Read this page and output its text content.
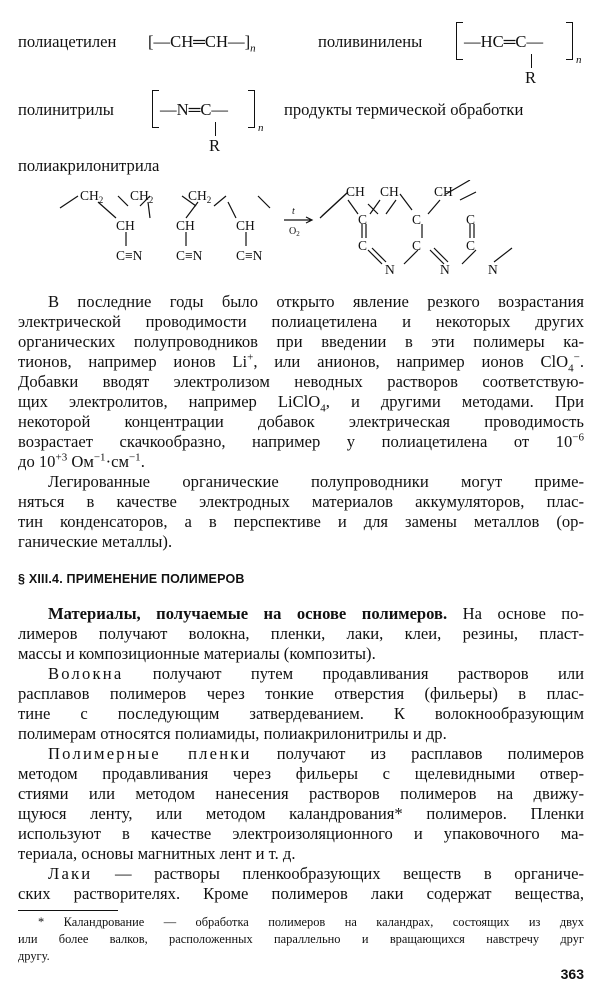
полиацетилен $[—CH═CH—]_n$	поливинилены	—HC═C—
n
R
полинитрилы	—N═C—
n
R
продукты термической обработки
полиакрилонитрила
$CH_2$ $CH_2$	$CH_2$
CH	CH	CH
C≡N C≡N C≡N
t
$O_2$
CH CH	CH
C	C	C
C	C	C
N	N	N
В последние годы было открыто явление резкого возрастания
электрической проводимости полиацетилена и некоторых других
органических полупроводников при введении в эти полимеры ка-
тионов, например ионов Li+, или анионов, например ионов ClO$_4$−.
Добавки вводят электролизом неводных растворов соответствую-
щих электролитов, например LiClO$_4$, и другими методами. При
некоторой концентрации добавок электрическая проводимость
возрастает скачкообразно, например у полиацетилена от $10^{-6}$
до $10^{+3}$ $Ом^{-1}\cdot см^{-1}$.
Легированные органические полупроводники могут приме-
няться в качестве электродных материалов аккумуляторов, плас-
тин конденсаторов, а в перспективе и для замены металлов (ор-
ганические металлы).
§ XIII.4. ПРИМЕНЕНИЕ ПОЛИМЕРОВ
Материалы, получаемые на основе полимеров. На основе по-
лимеров получают волокна, пленки, лаки, клеи, резины, пласт-
массы и композиционные материалы (композиты).
Волокна получают путем продавливания растворов или
расплавов полимеров через тонкие отверстия (фильеры) в плас-
тине с последующим затвердеванием. К волокнообразующим
полимерам относятся полиамиды, полиакрилонитрилы и др.
Полимерные пленки получают из расплавов полимеров
методом продавливания через фильеры с щелевидными отвер-
стиями или методом нанесения растворов полимеров на движу-
щуюся ленту, или методом каландрования* полимеров. Пленки
используют в качестве электроизоляционного и упаковочного ма-
териала, основы магнитных лент и т. д.
Лаки — растворы пленкообразующих веществ в органиче-
ских растворителях. Кроме полимеров лаки содержат вещества,
* Каландрование — обработка полимеров на каландрах, состоящих из двух
или более валков, расположенных параллельно и вращающихся навстречу друг
другу.
363
